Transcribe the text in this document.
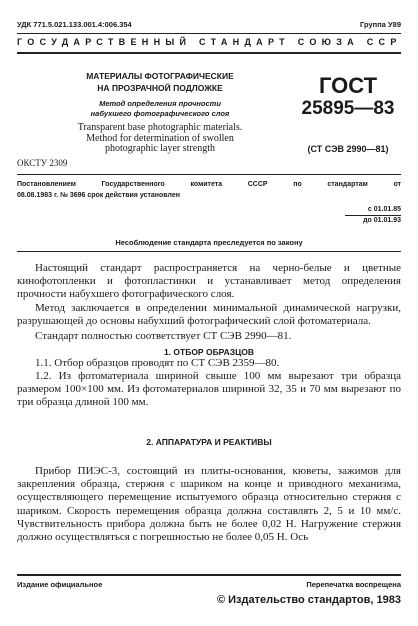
УДК 771.5.021.133.001.4:006.354	Группа У89
ГОСУДАРСТВЕННЫЙ СТАНДАРТ СОЮЗА ССР
МАТЕРИАЛЫ ФОТОГРАФИЧЕСКИЕ
НА ПРОЗРАЧНОЙ ПОДЛОЖКЕ
Метод определения прочности
набухшего фотографического слоя
Transparent base photographic materials.
Method for determination of swollen
photographic layer strength
ГОСТ
25895—83
(СТ СЭВ 2990—81)
ОКСТУ 2309
Постановлением Государственного комитета СССР по стандартам от
08.08.1983 г. № 3696 срок действия установлен
с 01.01.85
до 01.01.93
Несоблюдение стандарта преследуется по закону

Настоящий стандарт распространяется на черно-белые и цветные кинофотопленки и фотопластинки и устанавливает метод определения прочности набухшего фотографического слоя.

Метод заключается в определении минимальной динамической нагрузки, разрушающей до основы набухший фотографический слой фотоматериала.

Стандарт полностью соответствует СТ СЭВ 2990—81.

1. ОТБОР ОБРАЗЦОВ

1.1. Отбор образцов проводят по СТ СЭВ 2359—80.

1.2. Из фотоматериала шириной свыше 100 мм вырезают три образца размером 100×100 мм. Из фотоматериалов шириной 32, 35 и 70 мм вырезают по три образца длиной 100 мм.

2. АППАРАТУРА И РЕАКТИВЫ

Прибор ПИЭС-3, состоящий из плиты-основания, кюветы, зажимов для закрепления образца, стержня с шариком на конце и приводного механизма, осуществляющего перемещение испытуемого образца относительно стержня с шариком. Скорость перемещения образца должна составлять 2, 5 и 10 мм/с. Чувствительность прибора должна быть не более 0,02 Н. Нагружение стержня должно осуществляться с погрешностью не более 0,05 Н. Ось

Издание официальное	Перепечатка воспрещена
© Издательство стандартов, 1983
